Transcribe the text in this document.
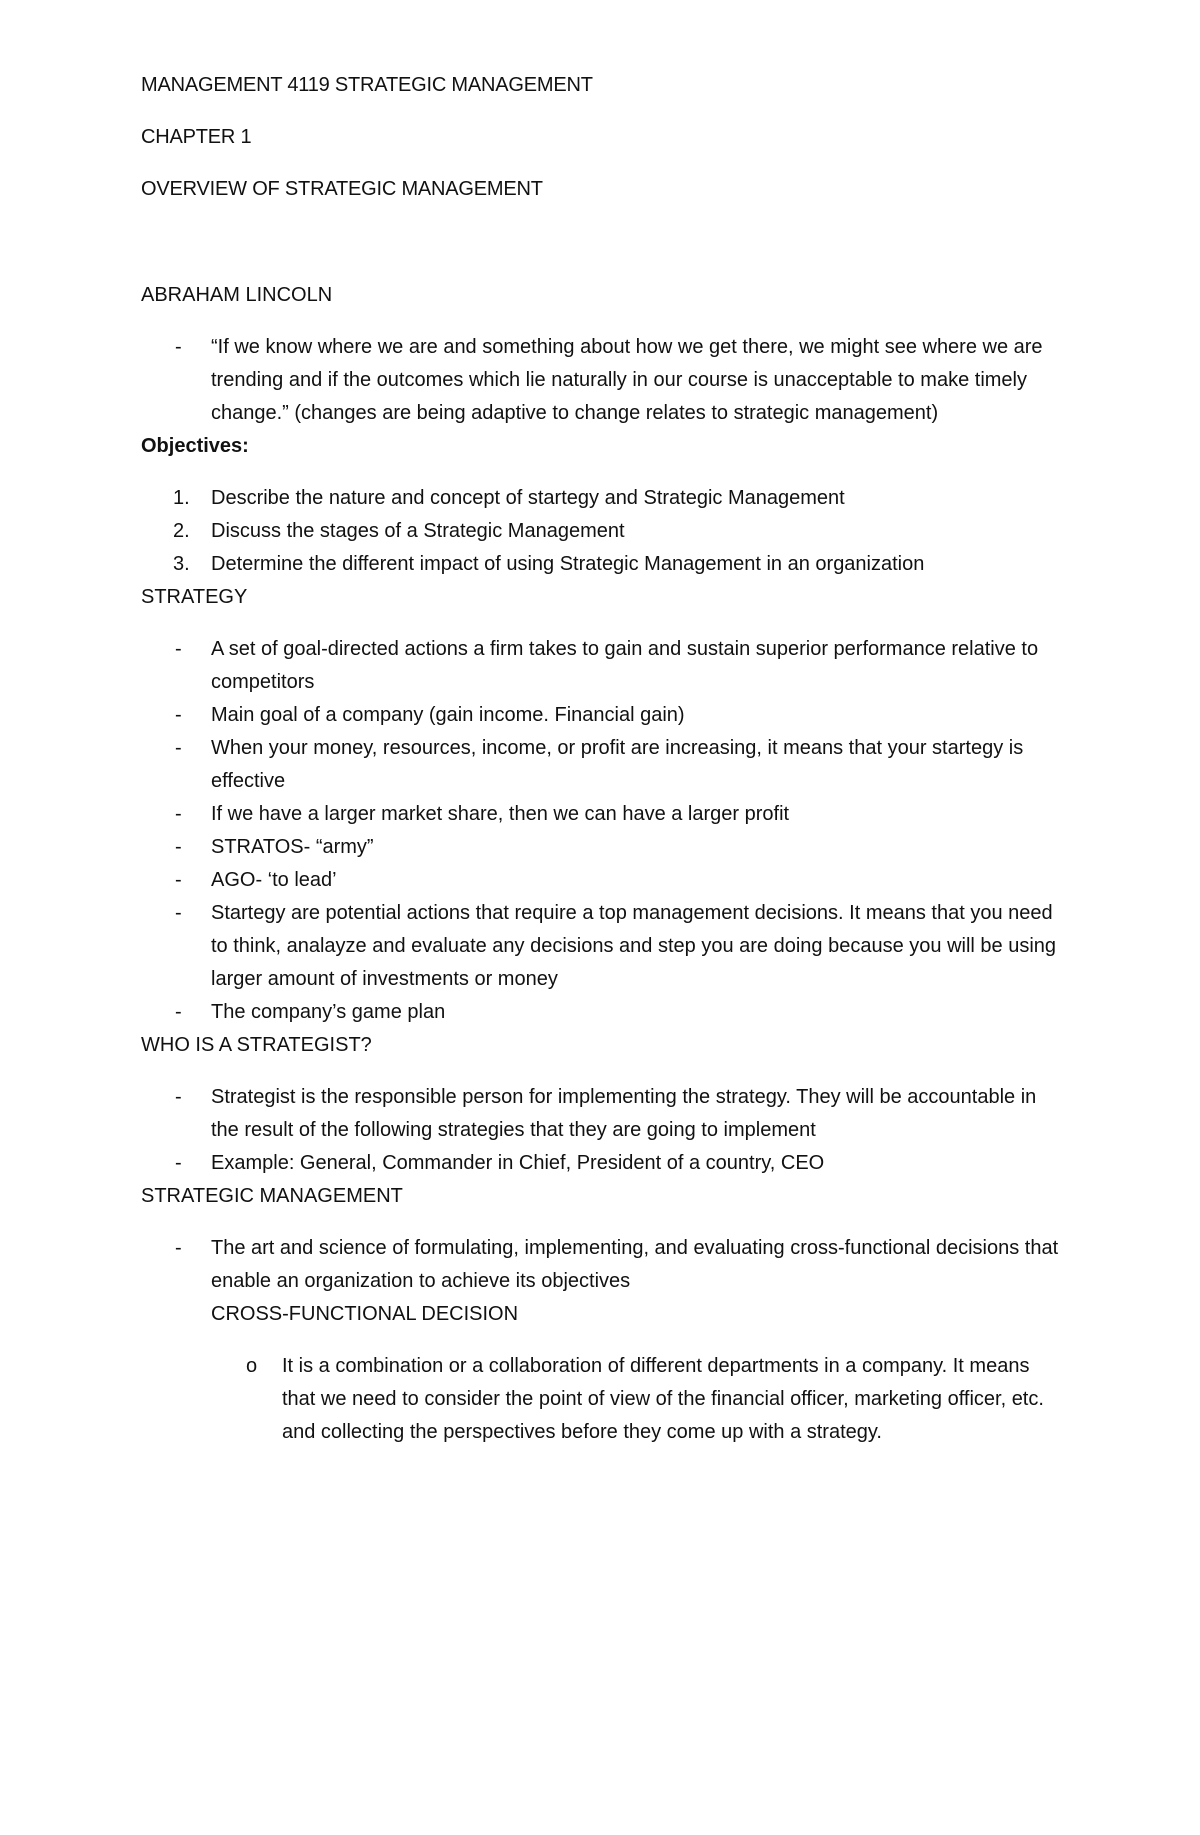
MANAGEMENT 4119 STRATEGIC MANAGEMENT

CHAPTER 1

OVERVIEW OF STRATEGIC MANAGEMENT

ABRAHAM LINCOLN

- “If we know where we are and something about how we get there, we might see where we are trending and if the outcomes which lie naturally in our course is unacceptable to make timely change.” (changes are being adaptive to change relates to strategic management)

Objectives:

1. Describe the nature and concept of startegy and Strategic Management
2. Discuss the stages of a Strategic Management
3. Determine the different impact of using Strategic Management in an organization

STRATEGY

- A set of goal-directed actions a firm takes to gain and sustain superior performance relative to competitors
- Main goal of a company (gain income. Financial gain)
- When your money, resources, income, or profit are increasing, it means that your startegy is effective
- If we have a larger market share, then we can have a larger profit
- STRATOS- “army”
- AGO- ‘to lead’
- Startegy are potential actions that require a top management decisions. It means that you need to think, analayze and evaluate any decisions and step you are doing because you will be using larger amount of investments or money
- The company’s game plan

WHO IS A STRATEGIST?

- Strategist is the responsible person for implementing the strategy. They will be accountable in the result of the following strategies that they are going to implement
- Example: General, Commander in Chief, President of a country, CEO

STRATEGIC MANAGEMENT

- The art and science of formulating, implementing, and evaluating cross-functional decisions that enable an organization to achieve its objectives

CROSS-FUNCTIONAL DECISION

o It is a combination or a collaboration of different departments in a company. It means that we need to consider the point of view of the financial officer, marketing officer, etc. and collecting the perspectives before they come up with a strategy.
